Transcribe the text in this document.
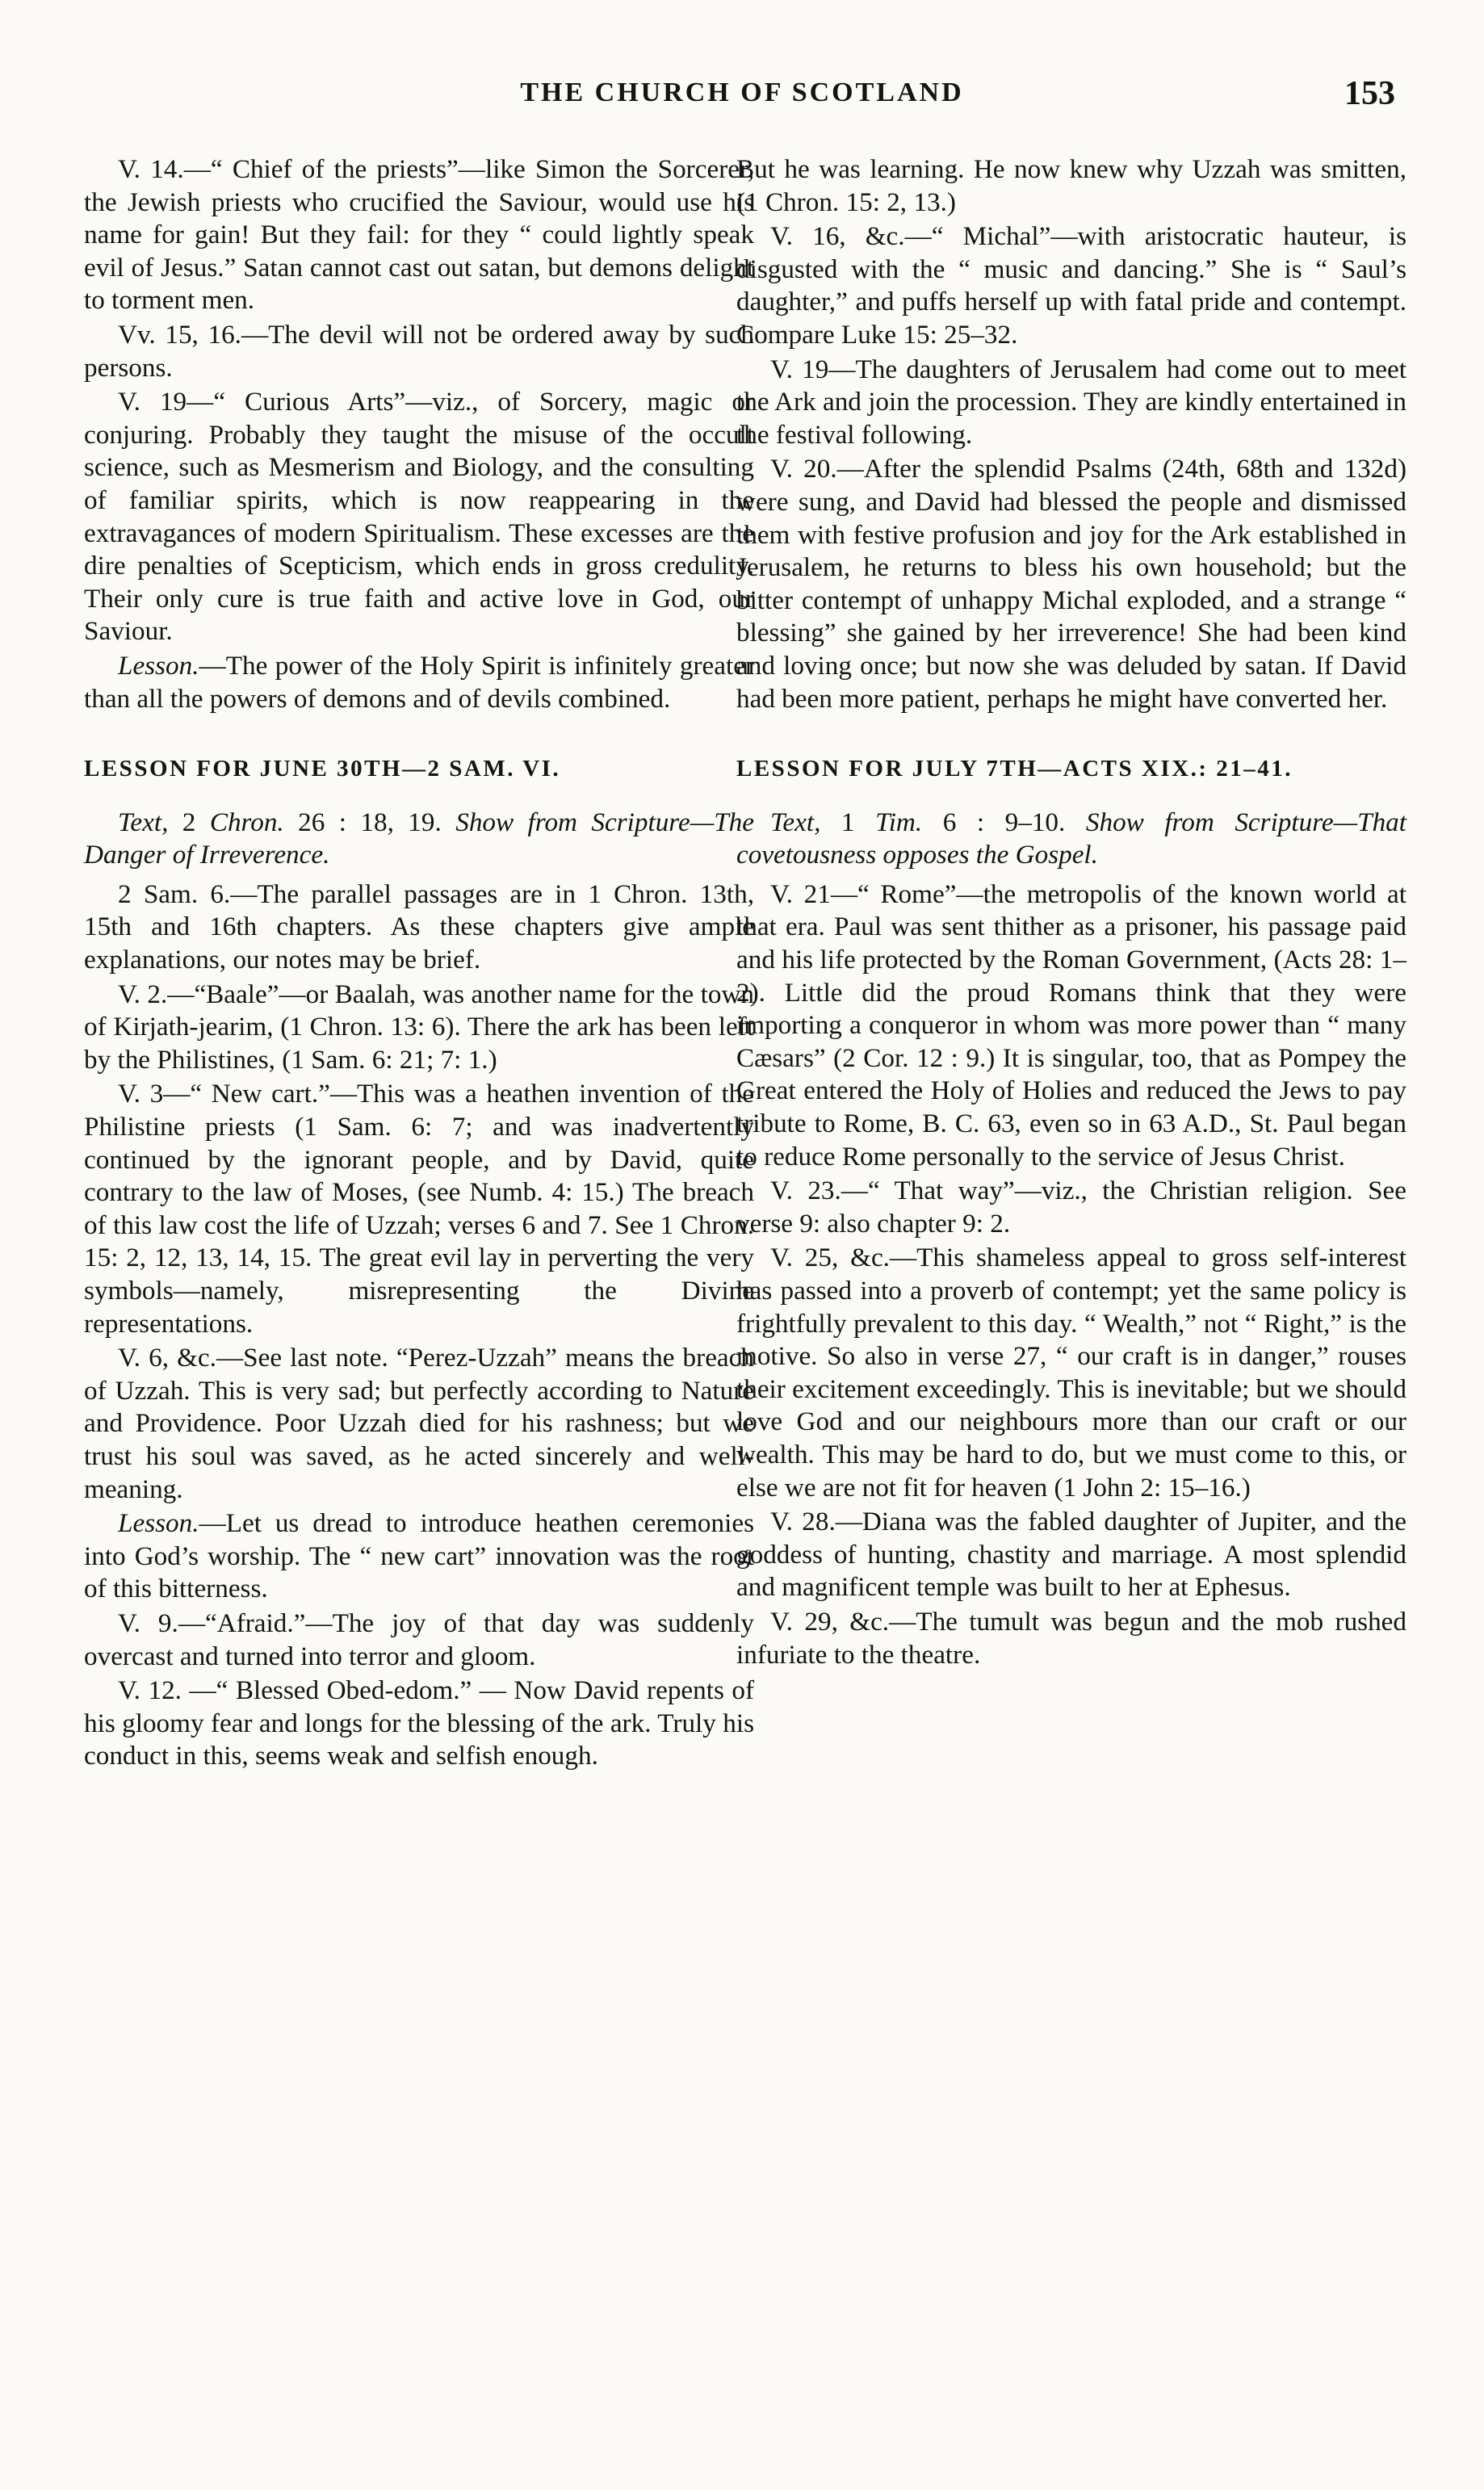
THE CHURCH OF SCOTLAND	153

V. 14.—“ Chief of the priests”—like Simon the Sorcerer, the Jewish priests who crucified the Saviour, would use his name for gain! But they fail: for they “ could lightly speak evil of Jesus.” Satan cannot cast out satan, but demons delight to torment men.

Vv. 15, 16.—The devil will not be ordered away by such persons.

V. 19—“ Curious Arts”—viz., of Sorcery, magic or conjuring. Probably they taught the misuse of the occult science, such as Mesmerism and Biology, and the consulting of familiar spirits, which is now reappearing in the extravagances of modern Spiritualism. These excesses are the dire penalties of Scepticism, which ends in gross credulity. Their only cure is true faith and active love in God, our Saviour.

Lesson.—The power of the Holy Spirit is infinitely greater than all the powers of demons and of devils combined.

LESSON FOR JUNE 30TH—2 SAM. VI.

Text, 2 Chron. 26 : 18, 19. Show from Scripture—The Danger of Irreverence.

2 Sam. 6.—The parallel passages are in 1 Chron. 13th, 15th and 16th chapters. As these chapters give ample explanations, our notes may be brief.

V. 2.—“Baale”—or Baalah, was another name for the town of Kirjath-jearim, (1 Chron. 13: 6). There the ark has been left by the Philistines, (1 Sam. 6: 21; 7: 1.)

V. 3—“ New cart.”—This was a heathen invention of the Philistine priests (1 Sam. 6: 7; and was inadvertently continued by the ignorant people, and by David, quite contrary to the law of Moses, (see Numb. 4: 15.) The breach of this law cost the life of Uzzah; verses 6 and 7. See 1 Chron. 15: 2, 12, 13, 14, 15. The great evil lay in perverting the very symbols—namely, misrepresenting the Divine representations.

V. 6, &c.—See last note. “Perez-Uzzah” means the breach of Uzzah. This is very sad; but perfectly according to Nature and Providence. Poor Uzzah died for his rashness; but we trust his soul was saved, as he acted sincerely and well-meaning.

Lesson.—Let us dread to introduce heathen ceremonies into God’s worship. The “ new cart” innovation was the root of this bitterness.

V. 9.—“Afraid.”—The joy of that day was suddenly overcast and turned into terror and gloom.

V. 12. —“ Blessed Obed-edom.” — Now David repents of his gloomy fear and longs for the blessing of the ark. Truly his conduct in this, seems weak and selfish enough.

But he was learning. He now knew why Uzzah was smitten, (1 Chron. 15: 2, 13.)

V. 16, &c.—“ Michal”—with aristocratic hauteur, is disgusted with the “ music and dancing.” She is “ Saul’s daughter,” and puffs herself up with fatal pride and contempt. Compare Luke 15: 25–32.

V. 19—The daughters of Jerusalem had come out to meet the Ark and join the procession. They are kindly entertained in the festival following.

V. 20.—After the splendid Psalms (24th, 68th and 132d) were sung, and David had blessed the people and dismissed them with festive profusion and joy for the Ark established in Jerusalem, he returns to bless his own household; but the bitter contempt of unhappy Michal exploded, and a strange “ blessing” she gained by her irreverence! She had been kind and loving once; but now she was deluded by satan. If David had been more patient, perhaps he might have converted her.

LESSON FOR JULY 7TH—ACTS XIX.: 21–41.

Text, 1 Tim. 6 : 9–10. Show from Scripture—That covetousness opposes the Gospel.

V. 21—“ Rome”—the metropolis of the known world at that era. Paul was sent thither as a prisoner, his passage paid and his life protected by the Roman Government, (Acts 28: 1–2). Little did the proud Romans think that they were importing a conqueror in whom was more power than “ many Cæsars” (2 Cor. 12 : 9.) It is singular, too, that as Pompey the Great entered the Holy of Holies and reduced the Jews to pay tribute to Rome, B. C. 63, even so in 63 A.D., St. Paul began to reduce Rome personally to the service of Jesus Christ.

V. 23.—“ That way”—viz., the Christian religion. See verse 9: also chapter 9: 2.

V. 25, &c.—This shameless appeal to gross self-interest has passed into a proverb of contempt; yet the same policy is frightfully prevalent to this day. “ Wealth,” not “ Right,” is the motive. So also in verse 27, “ our craft is in danger,” rouses their excitement exceedingly. This is inevitable; but we should love God and our neighbours more than our craft or our wealth. This may be hard to do, but we must come to this, or else we are not fit for heaven (1 John 2: 15–16.)

V. 28.—Diana was the fabled daughter of Jupiter, and the goddess of hunting, chastity and marriage. A most splendid and magnificent temple was built to her at Ephesus.

V. 29, &c.—The tumult was begun and the mob rushed infuriate to the theatre.
